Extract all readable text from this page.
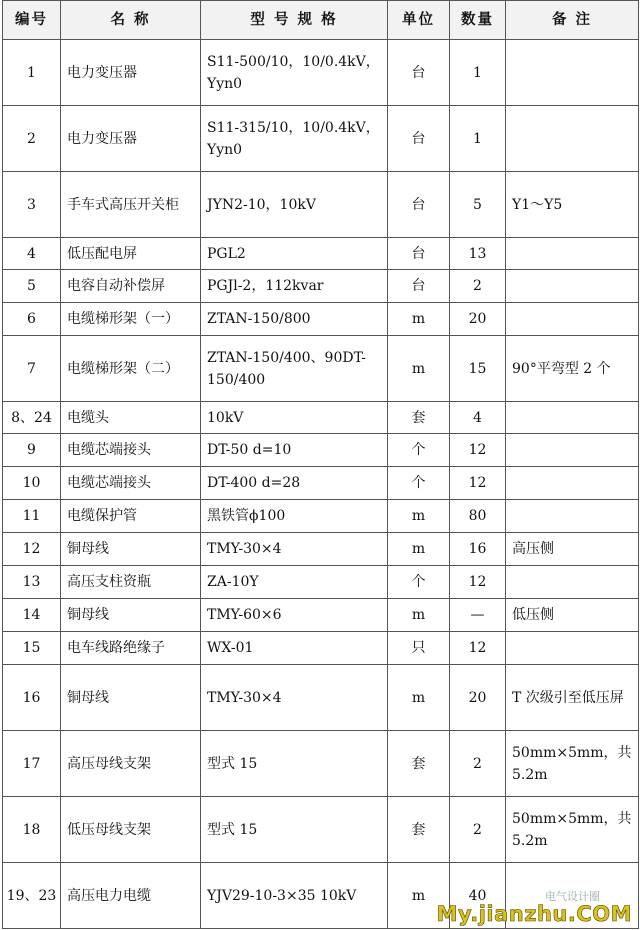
编号	名 称	型 号 规 格	单位	数量	备 注
1	电力变压器	S11-500/10，10/0.4kV，Yyn0	台	1	
2	电力变压器	S11-315/10，10/0.4kV，Yyn0	台	1	
3	手车式高压开关柜	JYN2-10，10kV	台	5	Y1～Y5
4	低压配电屏	PGL2	台	13	
5	电容自动补偿屏	PGJl-2，112kvar	台	2	
6	电缆梯形架（一）	ZTAN-150/800	m	20	
7	电缆梯形架（二）	ZTAN-150/400、90DT-150/400	m	15	90°平弯型 2 个
8、24	电缆头	10kV	套	4	
9	电缆芯端接头	DT-50 d=10	个	12	
10	电缆芯端接头	DT-400 d=28	个	12	
11	电缆保护管	黑铁管ϕ100	m	80	
12	铜母线	TMY-30×4	m	16	高压侧
13	高压支柱资瓶	ZA-10Y	个	12	
14	铜母线	TMY-60×6	m	—	低压侧
15	电车线路绝缘子	WX-01	只	12	
16	铜母线	TMY-30×4	m	20	T 次级引至低压屏
17	高压母线支架	型式 15	套	2	50mm×5mm，共 5.2m
18	低压母线支架	型式 15	套	2	50mm×5mm，共 5.2m
19、23	高压电力电缆	YJV29-10-3×35 10kV	m	40		电气设计圈
My.jianzhu.COM
